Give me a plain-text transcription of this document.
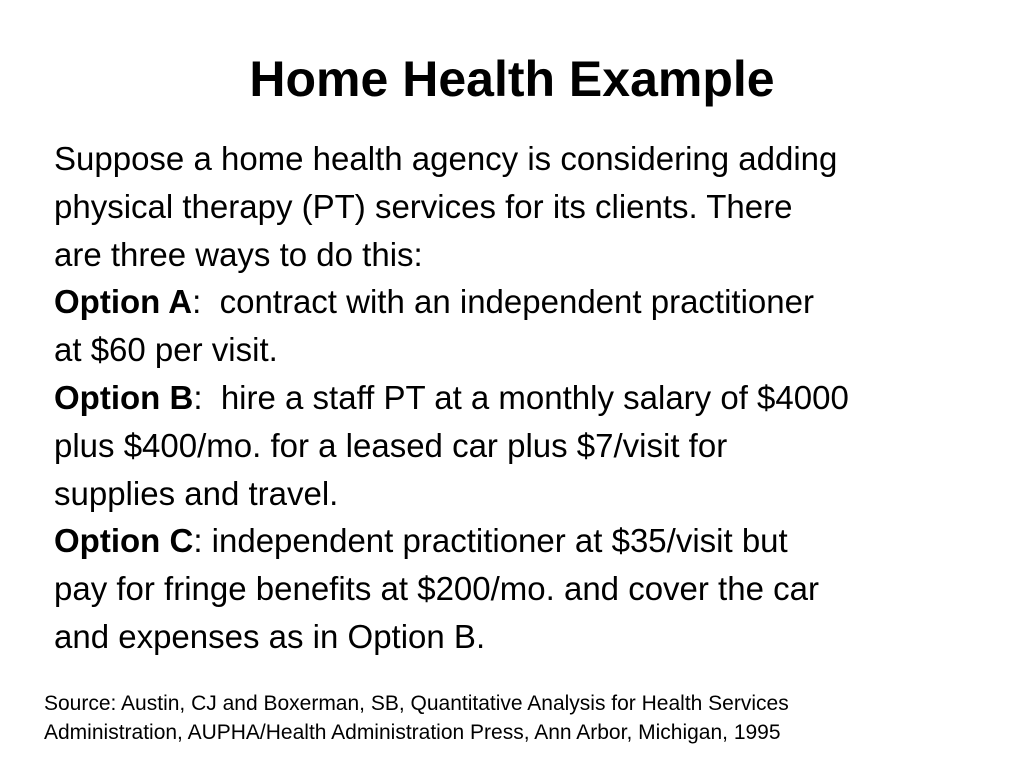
Home Health Example

Suppose a home health agency is considering adding

physical therapy (PT) services for its clients. There

are three ways to do this:

Option A:  contract with an independent practitioner

at $60 per visit.

Option B:  hire a staff PT at a monthly salary of $4000

plus $400/mo. for a leased car plus $7/visit for

supplies and travel.

Option C: independent practitioner at $35/visit but

pay for fringe benefits at $200/mo. and cover the car

and expenses as in Option B.

Source: Austin, CJ and Boxerman, SB, Quantitative Analysis for Health Services

Administration, AUPHA/Health Administration Press, Ann Arbor, Michigan, 1995
